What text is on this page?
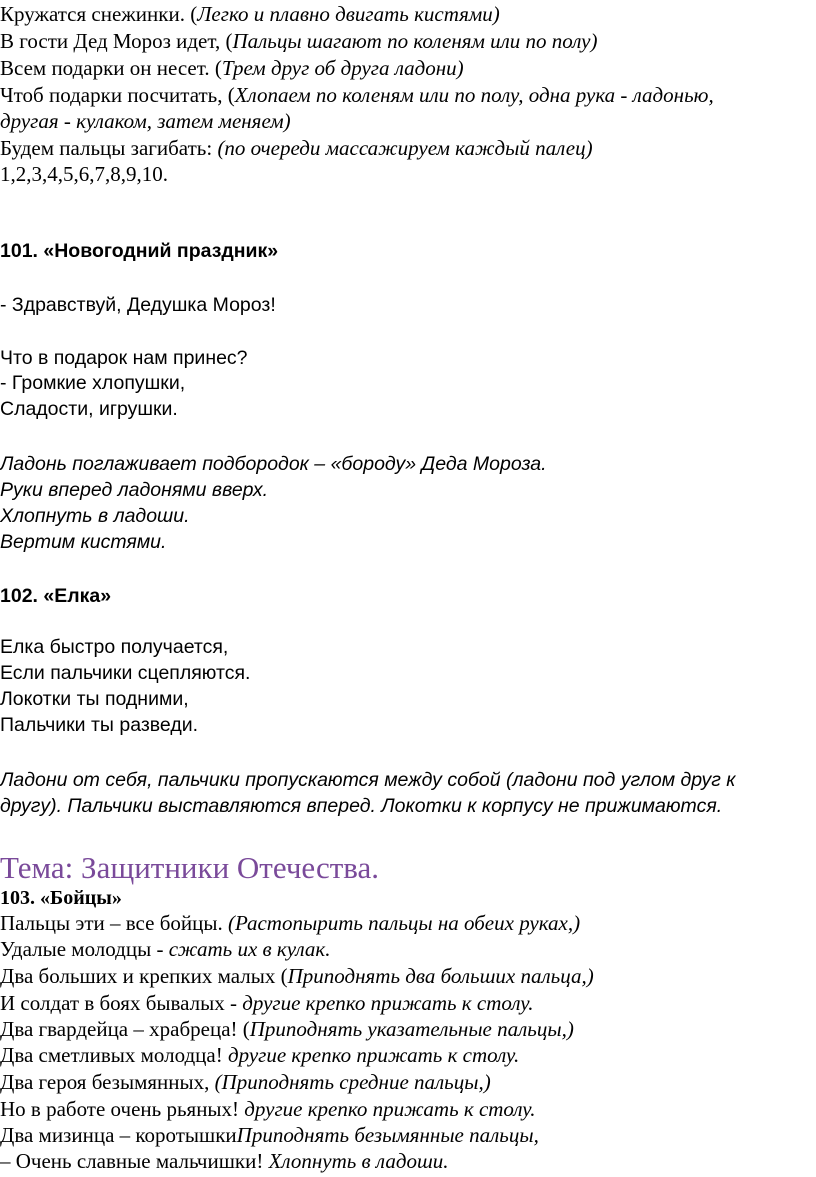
Кружатся снежинки. (Легко и плавно двигать кистями)

В гости Дед Мороз идет, (Пальцы шагают по коленям или по полу)

Всем подарки он несет. (Трем друг об друга ладони)

Чтоб подарки посчитать, (Хлопаем по коленям или по полу, одна рука - ладонью,

другая - кулаком, затем меняем)

Будем пальцы загибать: (по очереди массажируем каждый палец)

1,2,3,4,5,6,7,8,9,10.

101. «Новогодний праздник»

- Здравствуй, Дедушка Мороз!

Что в подарок нам принес?

- Громкие хлопушки,

Сладости, игрушки.

Ладонь поглаживает подбородок – «бороду» Деда Мороза.

Руки вперед ладонями вверх.

Хлопнуть в ладоши.

Вертим кистями.

102. «Елка»

Елка быстро получается,

Если пальчики сцепляются.

Локотки ты подними,

Пальчики ты разведи.

Ладони от себя, пальчики пропускаются между собой (ладони под углом друг к

другу). Пальчики выставляются вперед. Локотки к корпусу не прижимаются.

Тема: Защитники Отечества.

103. «Бойцы»

Пальцы эти – все бойцы. (Растопырить пальцы на обеих руках,)

Удалые молодцы - сжать их в кулак.

Два больших и крепких малых (Приподнять два больших пальца,)

И солдат в боях бывалых - другие крепко прижать к столу.

Два гвардейца – храбреца! (Приподнять указательные пальцы,)

Два сметливых молодца! другие крепко прижать к столу.

Два героя безымянных, (Приподнять средние пальцы,)

Но в работе очень рьяных! другие крепко прижать к столу.

Два мизинца – коротышкиПриподнять безымянные пальцы,

– Очень славные мальчишки! Хлопнуть в ладоши.
